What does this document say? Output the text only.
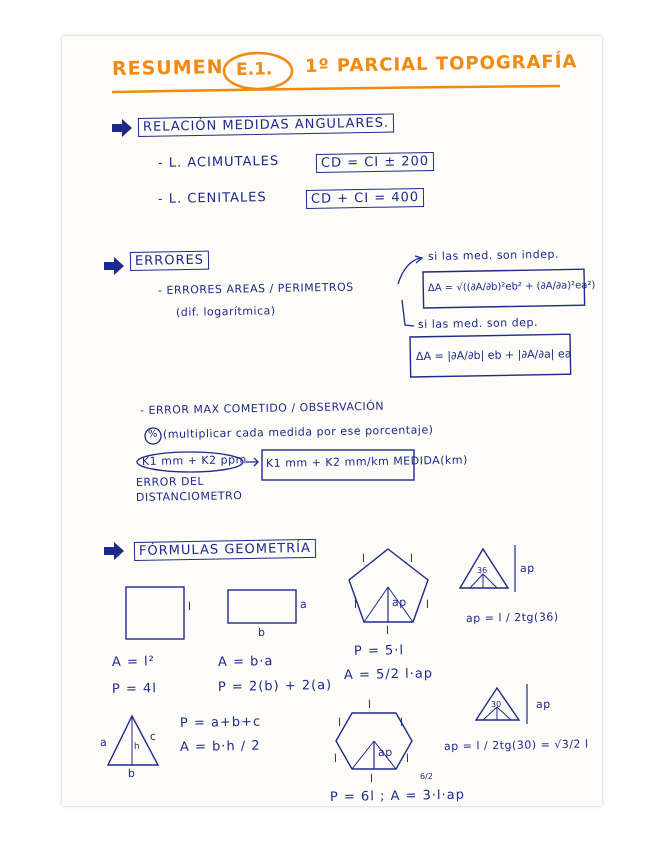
RESUMEN E.1. 1º PARCIAL TOPOGRAFÍA
RELACIÓN MEDIDAS ANGULARES.
- L. ACIMUTALES	CD = CI ± 200
- L. CENITALES	CD + CI = 400
ERRORES
- ERRORES AREAS / PERIMETROS
(dif. logarítmica)
si las med. son indep.
ΔA = √((∂A/∂b)²eb² + (∂A/∂a)²ea²)
si las med. son dep.
ΔA = |∂A/∂b| eb + |∂A/∂a| ea
- ERROR MAX COMETIDO / OBSERVACIÓN
% (multiplicar cada medida por ese porcentaje)
K1 mm + K2 ppm K1 mm + K2 mm/km MEDIDA(km)
ERROR DEL
DISTANCIOMETRO
FÓRMULAS GEOMETRÍA
l	a
b
A = l²
P = 4l
A = b·a
P = 2(b) + 2(a)
a	c
h
b
P = a+b+c
A = b·h / 2
l	l
l	l
ap
l
P = 5·l
A = 5/2 l·ap
36	ap
ap = l / 2tg(36)
30	ap
ap = l / 2tg(30) = √3/2 l
l
l	l
l	l
ap
l	6/2
P = 6l ; A = 3·l·ap
